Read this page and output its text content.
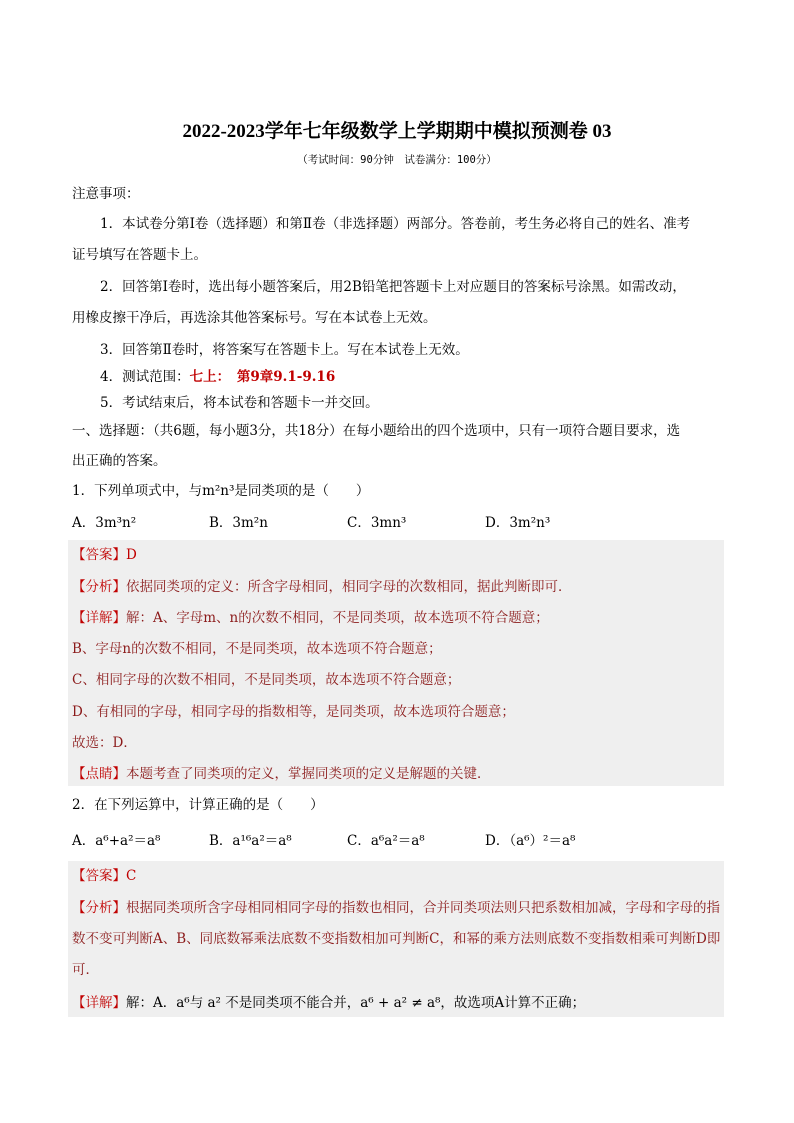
2022-2023学年七年级数学上学期期中模拟预测卷 03
（考试时间：90分钟　试卷满分：100分）
注意事项：
1．本试卷分第Ⅰ卷（选择题）和第Ⅱ卷（非选择题）两部分。答卷前，考生务必将自己的姓名、准考
证号填写在答题卡上。
2．回答第Ⅰ卷时，选出每小题答案后，用2B铅笔把答题卡上对应题目的答案标号涂黑。如需改动，
用橡皮擦干净后，再选涂其他答案标号。写在本试卷上无效。
3．回答第Ⅱ卷时，将答案写在答题卡上。写在本试卷上无效。
4．测试范围：七上：　第9章9.1-9.16
5．考试结束后，将本试卷和答题卡一并交回。
一、选择题：（共6题，每小题3分，共18分）在每小题给出的四个选项中，只有一项符合题目要求，选
出正确的答案。
1．下列单项式中，与m²n³是同类项的是（　　）
A．3m³n²	B．3m²n	C．3mn³	D．3m²n³
【答案】D
【分析】依据同类项的定义：所含字母相同，相同字母的次数相同，据此判断即可．
【详解】解：A、字母m、n的次数不相同，不是同类项，故本选项不符合题意；
B、字母n的次数不相同，不是同类项，故本选项不符合题意；
C、相同字母的次数不相同，不是同类项，故本选项不符合题意；
D、有相同的字母，相同字母的指数相等，是同类项，故本选项符合题意；
故选：D．
【点睛】本题考查了同类项的定义，掌握同类项的定义是解题的关键．
2．在下列运算中，计算正确的是（　　）
A．a⁶+a²＝a⁸	B．a¹⁶a²＝a⁸	C．a⁶a²＝a⁸	D．（a⁶）²＝a⁸
【答案】C
【分析】根据同类项所含字母相同相同字母的指数也相同，合并同类项法则只把系数相加减，字母和字母的指数不变可判断A、B、同底数幂乘法底数不变指数相加可判断C，和幂的乘方法则底数不变指数相乘可判断D即可．
【详解】解：A．a⁶与 a² 不是同类项不能合并，a⁶ + a² ≠ a⁸，故选项A计算不正确；
